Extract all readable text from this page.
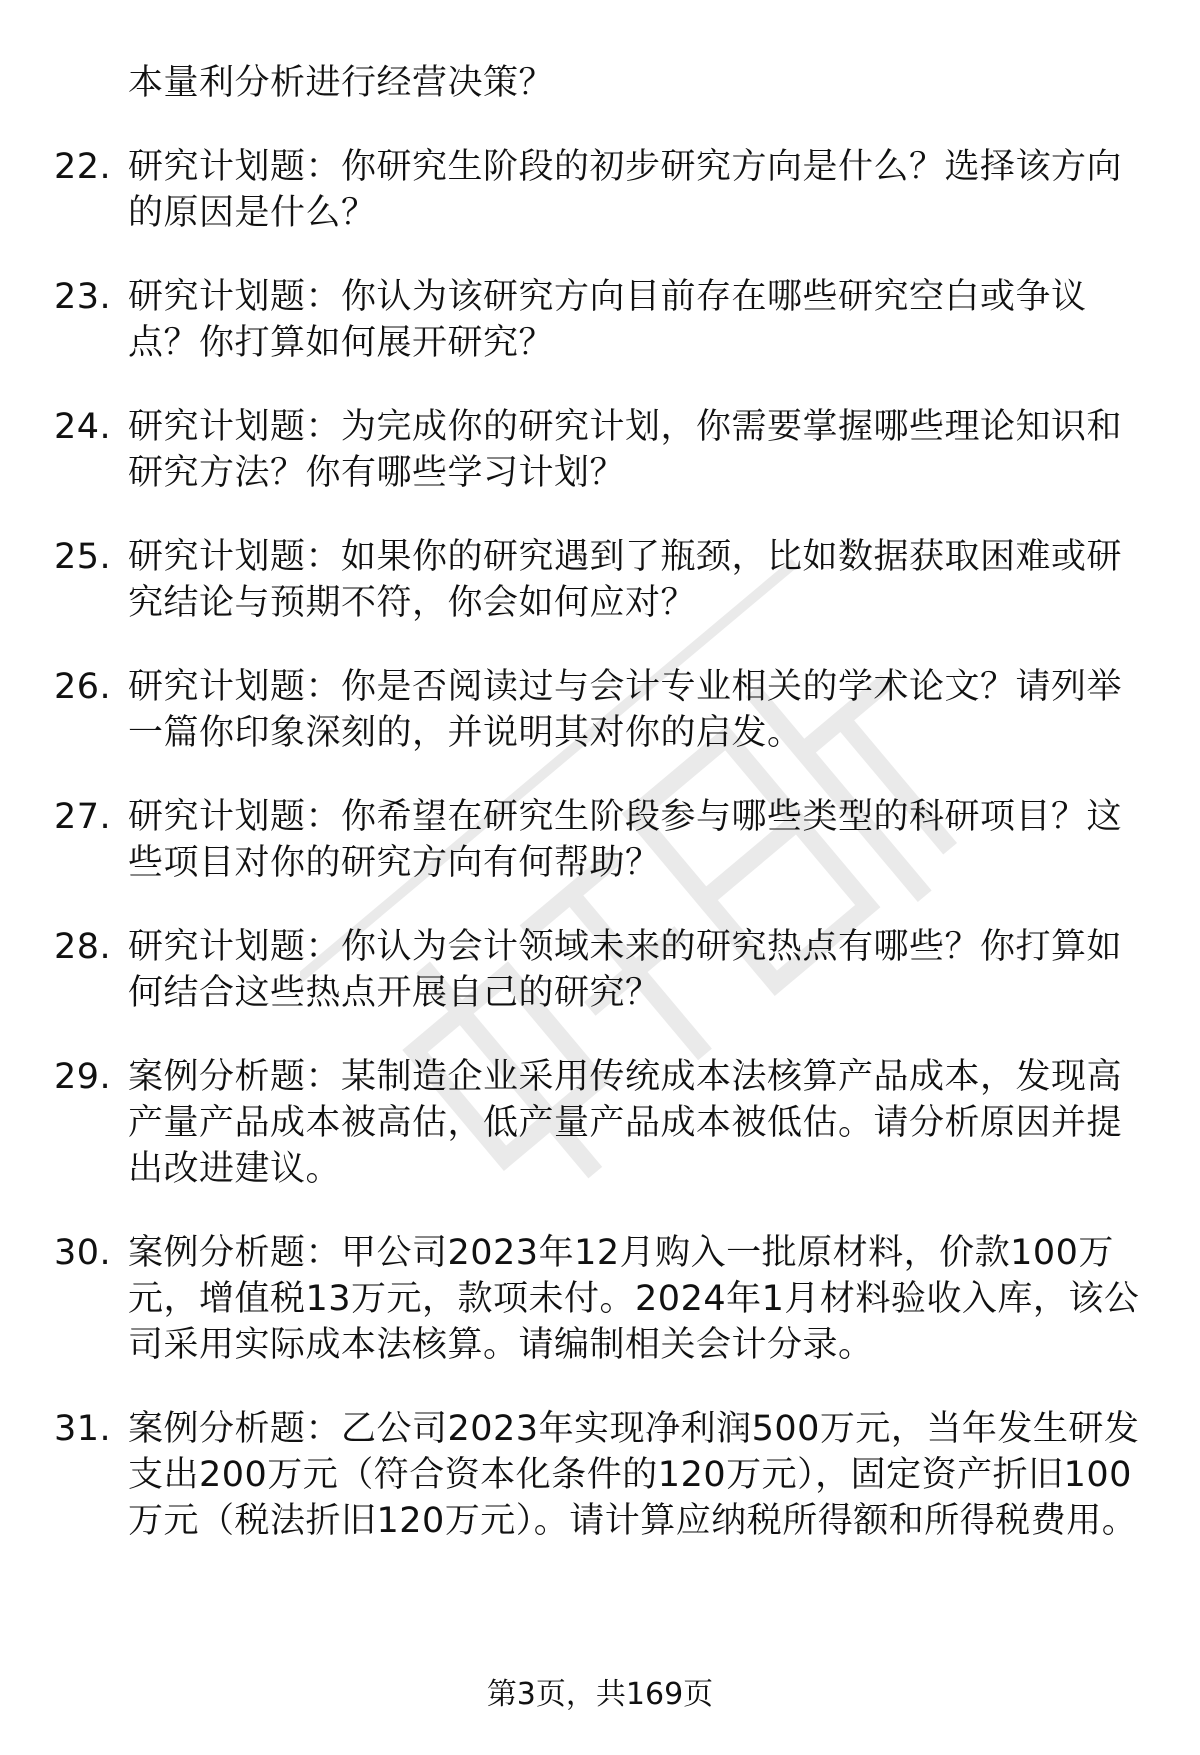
本量利分析进行经营决策？
22. 研究计划题：你研究生阶段的初步研究方向是什么？选择该方向的原因是什么？
23. 研究计划题：你认为该研究方向目前存在哪些研究空白或争议点？你打算如何展开研究？
24. 研究计划题：为完成你的研究计划，你需要掌握哪些理论知识和研究方法？你有哪些学习计划？
25. 研究计划题：如果你的研究遇到了瓶颈，比如数据获取困难或研究结论与预期不符，你会如何应对？
26. 研究计划题：你是否阅读过与会计专业相关的学术论文？请列举一篇你印象深刻的，并说明其对你的启发。
27. 研究计划题：你希望在研究生阶段参与哪些类型的科研项目？这些项目对你的研究方向有何帮助？
28. 研究计划题：你认为会计领域未来的研究热点有哪些？你打算如何结合这些热点开展自己的研究？
29. 案例分析题：某制造企业采用传统成本法核算产品成本，发现高产量产品成本被高估，低产量产品成本被低估。请分析原因并提出改进建议。
30. 案例分析题：甲公司2023年12月购入一批原材料，价款100万元，增值税13万元，款项未付。2024年1月材料验收入库，该公司采用实际成本法核算。请编制相关会计分录。
31. 案例分析题：乙公司2023年实现净利润500万元，当年发生研发支出200万元（符合资本化条件的120万元），固定资产折旧100万元（税法折旧120万元）。请计算应纳税所得额和所得税费用。
第3页，共169页
